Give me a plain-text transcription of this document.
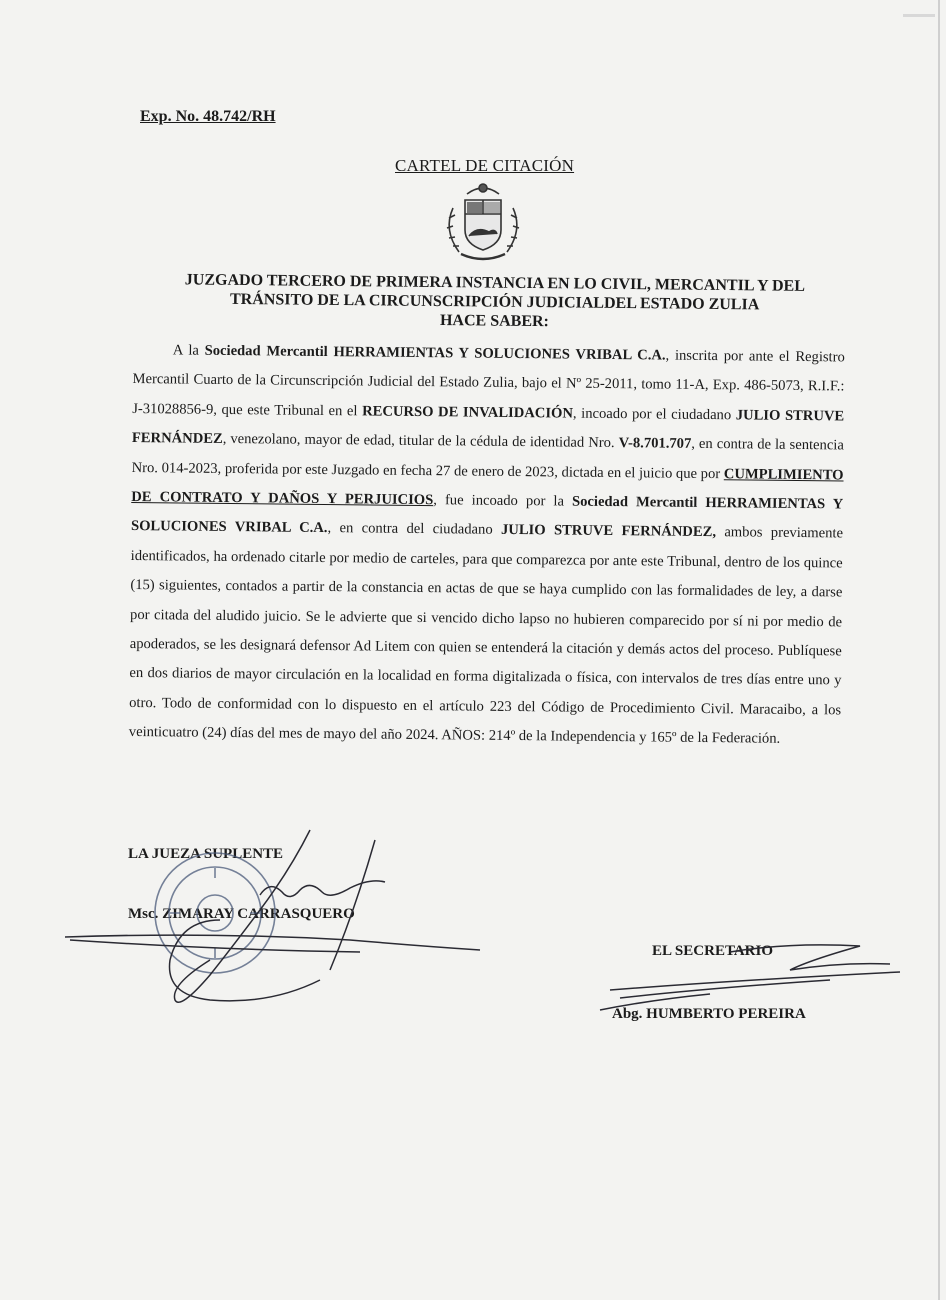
Exp. No. 48.742/RH
CARTEL DE CITACIÓN
JUZGADO TERCERO DE PRIMERA INSTANCIA EN LO CIVIL, MERCANTIL Y DEL
TRÁNSITO DE LA CIRCUNSCRIPCIÓN JUDICIALDEL ESTADO ZULIA
HACE SABER:

A la Sociedad Mercantil HERRAMIENTAS Y SOLUCIONES VRIBAL C.A., inscrita por ante el Registro Mercantil Cuarto de la Circunscripción Judicial del Estado Zulia, bajo el Nº 25-2011, tomo 11-A, Exp. 486-5073, R.I.F.: J-31028856-9, que este Tribunal en el RECURSO DE INVALIDACIÓN, incoado por el ciudadano JULIO STRUVE FERNÁNDEZ, venezolano, mayor de edad, titular de la cédula de identidad Nro. V-8.701.707, en contra de la sentencia Nro. 014-2023, proferida por este Juzgado en fecha 27 de enero de 2023, dictada en el juicio que por CUMPLIMIENTO DE CONTRATO Y DAÑOS Y PERJUICIOS, fue incoado por la Sociedad Mercantil HERRAMIENTAS Y SOLUCIONES VRIBAL C.A., en contra del ciudadano JULIO STRUVE FERNÁNDEZ, ambos previamente identificados, ha ordenado citarle por medio de carteles, para que comparezca por ante este Tribunal, dentro de los quince (15) siguientes, contados a partir de la constancia en actas de que se haya cumplido con las formalidades de ley, a darse por citada del aludido juicio. Se le advierte que si vencido dicho lapso no hubieren comparecido por sí ni por medio de apoderados, se les designará defensor Ad Litem con quien se entenderá la citación y demás actos del proceso. Publíquese en dos diarios de mayor circulación en la localidad en forma digitalizada o física, con intervalos de tres días entre uno y otro. Todo de conformidad con lo dispuesto en el artículo 223 del Código de Procedimiento Civil. Maracaibo, a los veinticuatro (24) días del mes de mayo del año 2024. AÑOS: 214º de la Independencia y 165º de la Federación.

LA JUEZA SUPLENTE
Msc. ZIMARAY CARRASQUERO
EL SECRETARIO
Abg. HUMBERTO PEREIRA
